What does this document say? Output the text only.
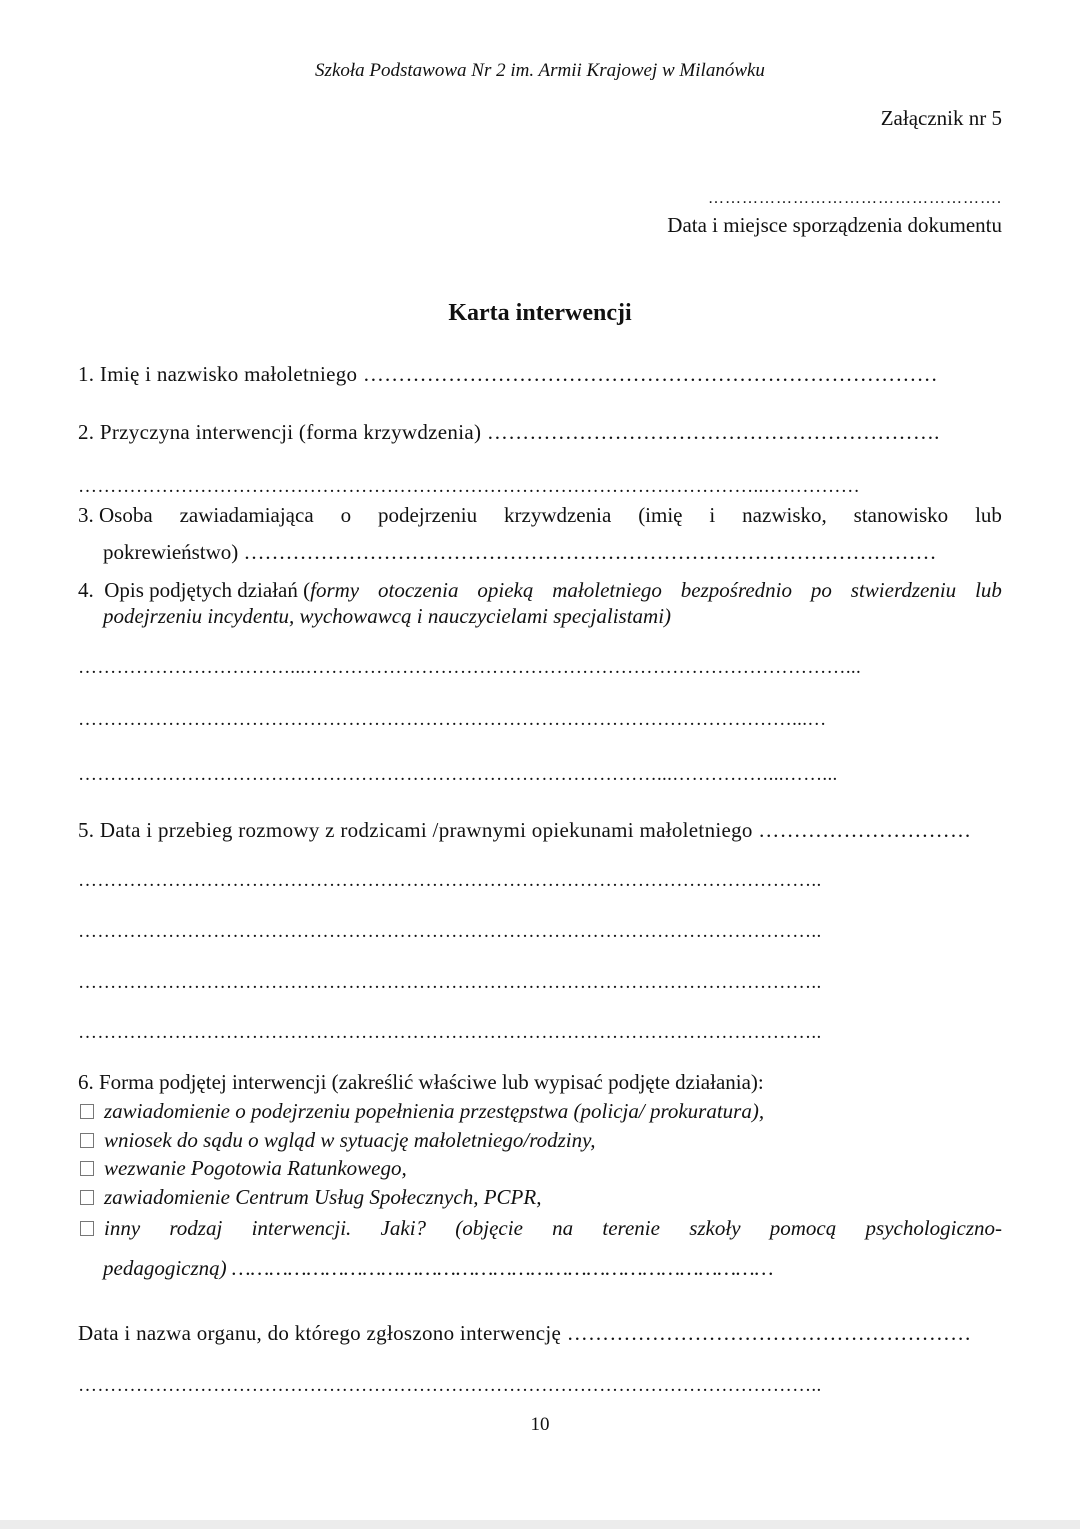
Szkoła Podstawowa Nr 2 im. Armii Krajowej w Milanówku
Załącznik nr 5
…………………………………………….
Data i miejsce sporządzenia dokumentu
Karta interwencji
1. Imię i nazwisko małoletniego ………………………………………………………………………
2. Przyczyna interwencji (forma krzywdzenia) ……………………………………………………….
……………………………………………………………………………………………..……………
3. Osoba zawiadamiająca o podejrzeniu krzywdzenia (imię i nazwisko, stanowisko lub
pokrewieństwo) ………………………………………………………………………………………
4.  Opis podjętych działań ( formy otoczenia opieką małoletniego bezpośrednio po stwierdzeniu lub
podejrzeniu incydentu, wychowawcą i nauczycielami specjalistami)
……………………………...…………………………………………………………………………...
…………………………………………………………………………………………………...…
………………………………………………………………………………...……………...……...
5. Data i przebieg rozmowy z rodzicami /prawnymi opiekunami małoletniego …………………………
……………………………………………………………………………………………………..
……………………………………………………………………………………………………..
……………………………………………………………………………………………………..
……………………………………………………………………………………………………..
6. Forma podjętej interwencji (zakreślić właściwe lub wypisać podjęte działania):
zawiadomienie o podejrzeniu popełnienia przestępstwa (policja/ prokuratura),
wniosek do sądu o wgląd w sytuację małoletniego/rodziny,
wezwanie Pogotowia Ratunkowego,
zawiadomienie Centrum Usług Społecznych, PCPR,
inny rodzaj interwencji. Jaki? (objęcie na terenie szkoły pomocą psychologiczno-
pedagogiczną) ……………………………………………………………………………
Data i nazwa organu, do którego zgłoszono interwencję …………………………………………………
……………………………………………………………………………………………………..
10
